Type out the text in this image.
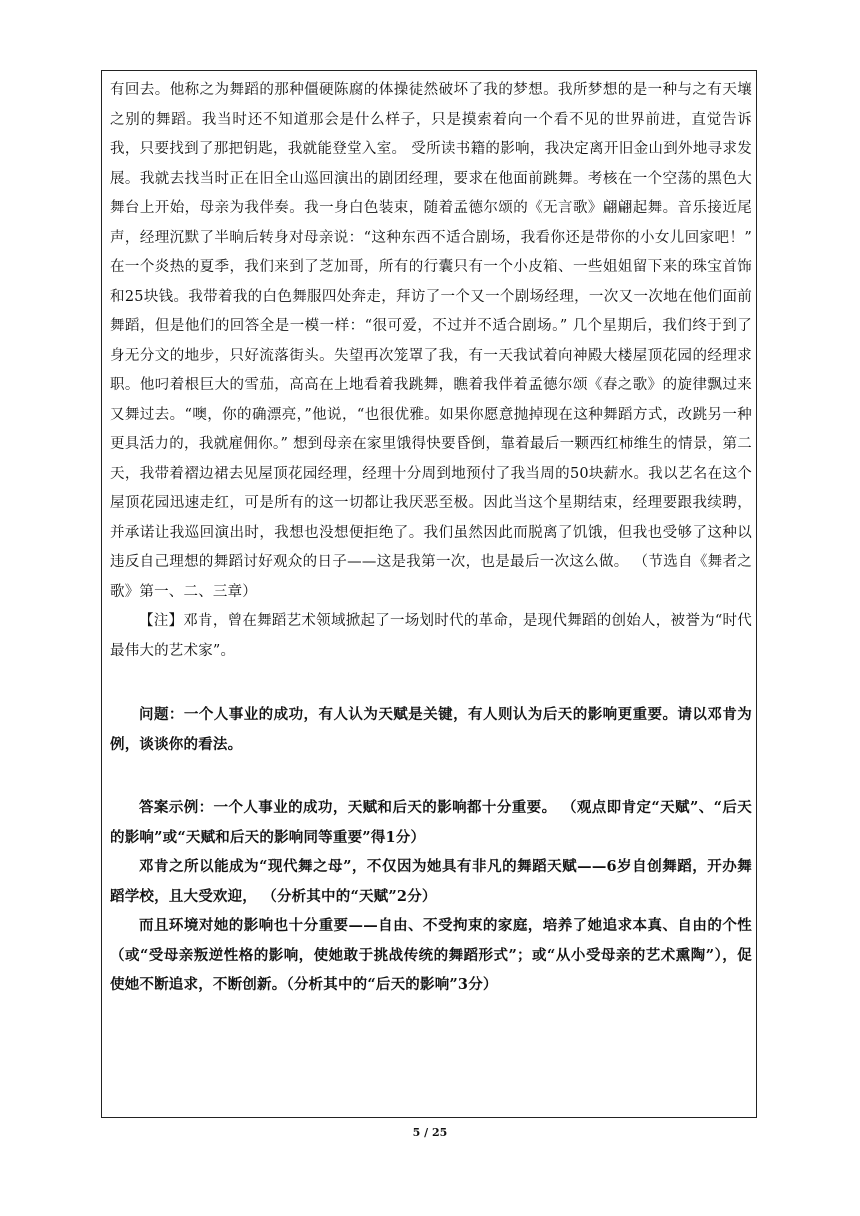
有回去。他称之为舞蹈的那种僵硬陈腐的体操徒然破坏了我的梦想。我所梦想的是一种与之有天壤之别的舞蹈。我当时还不知道那会是什么样子，只是摸索着向一个看不见的世界前进，直觉告诉我，只要找到了那把钥匙，我就能登堂入室。 受所读书籍的影响，我决定离开旧金山到外地寻求发展。我就去找当时正在旧全山巡回演出的剧团经理，要求在他面前跳舞。考核在一个空荡的黑色大舞台上开始，母亲为我伴奏。我一身白色装束，随着孟德尔颂的《无言歌》翩翩起舞。音乐接近尾声，经理沉默了半晌后转身对母亲说：“这种东西不适合剧场，我看你还是带你的小女儿回家吧！” 在一个炎热的夏季，我们来到了芝加哥，所有的行囊只有一个小皮箱、一些姐姐留下来的珠宝首饰和25块钱。我带着我的白色舞服四处奔走，拜访了一个又一个剧场经理，一次又一次地在他们面前舞蹈，但是他们的回答全是一模一样：“很可爱，不过并不适合剧场。” 几个星期后，我们终于到了身无分文的地步，只好流落街头。失望再次笼罩了我，有一天我试着向神殿大楼屋顶花园的经理求职。他叼着根巨大的雪茄，高高在上地看着我跳舞，瞧着我伴着孟德尔颂《春之歌》的旋律飘过来又舞过去。“噢，你的确漂亮，”他说，“也很优雅。如果你愿意抛掉现在这种舞蹈方式，改跳另一种更具活力的，我就雇佣你。” 想到母亲在家里饿得快要昏倒，靠着最后一颗西红柿维生的情景，第二天，我带着褶边裙去见屋顶花园经理，经理十分周到地预付了我当周的50块薪水。我以艺名在这个屋顶花园迅速走红，可是所有的这一切都让我厌恶至极。因此当这个星期结束，经理要跟我续聘，并承诺让我巡回演出时，我想也没想便拒绝了。我们虽然因此而脱离了饥饿，但我也受够了这种以违反自己理想的舞蹈讨好观众的日子——这是我第一次，也是最后一次这么做。 （节选自《舞者之歌》第一、二、三章）

【注】邓肯，曾在舞蹈艺术领域掀起了一场划时代的革命，是现代舞蹈的创始人，被誉为“时代最伟大的艺术家”。

问题：一个人事业的成功，有人认为天赋是关键，有人则认为后天的影响更重要。请以邓肯为例，谈谈你的看法。

答案示例：一个人事业的成功，天赋和后天的影响都十分重要。 （观点即肯定“天赋”、“后天的影响”或“天赋和后天的影响同等重要”得1分）

邓肯之所以能成为“现代舞之母”，不仅因为她具有非凡的舞蹈天赋——6岁自创舞蹈，开办舞蹈学校，且大受欢迎， （分析其中的“天赋”2分）

而且环境对她的影响也十分重要——自由、不受拘束的家庭，培养了她追求本真、自由的个性（或“受母亲叛逆性格的影响，使她敢于挑战传统的舞蹈形式”；或“从小受母亲的艺术熏陶”），促使她不断追求，不断创新。（分析其中的“后天的影响”3分）

5 / 25
